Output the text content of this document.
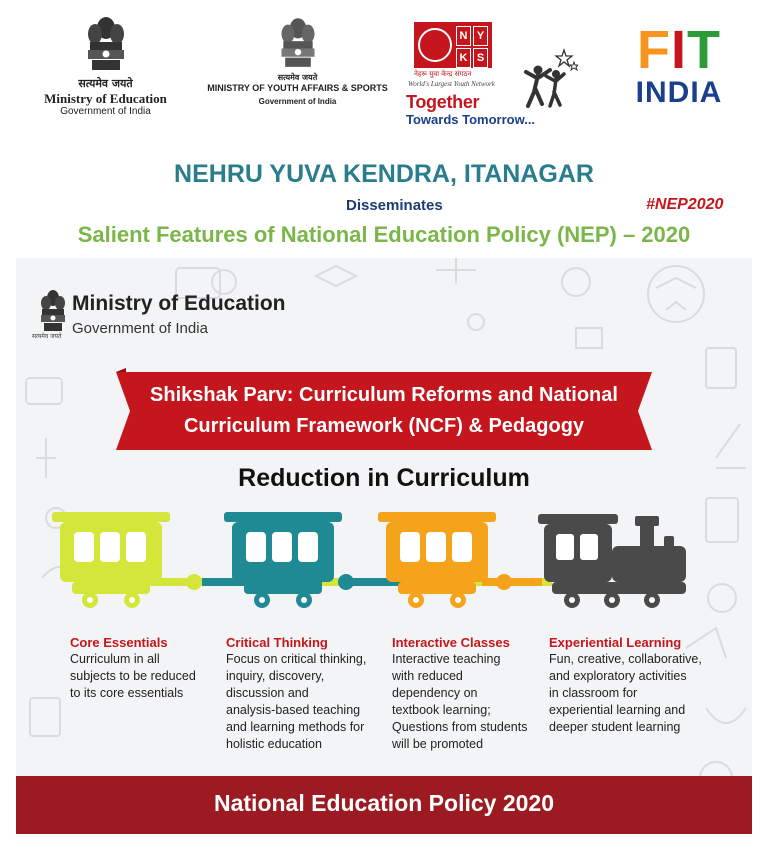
सत्यमेव जयते
Ministry of Education
Government of India
सत्यमेव जयते
MINISTRY OF YOUTH AFFAIRS & SPORTS
Government of India
N Y
K S
नेहरू युवा केन्द्र संगठन
World's Largest Youth Network
Together
Towards Tomorrow...
FIT
INDIA
NEHRU YUVA KENDRA, ITANAGAR
Disseminates	#NEP2020
Salient Features of National Education Policy (NEP) – 2020
सत्यमेव जयते
Ministry of Education
Government of India
Shikshak Parv: Curriculum Reforms and National
Curriculum Framework (NCF) & Pedagogy
Reduction in Curriculum
Core Essentials
Curriculum in all
subjects to be reduced
to its core essentials
Critical Thinking
Focus on critical thinking,
inquiry, discovery,
discussion and
analysis-based teaching
and learning methods for
holistic education
Interactive Classes
Interactive teaching
with reduced
dependency on
textbook learning;
Questions from students
will be promoted
Experiential Learning
Fun, creative, collaborative,
and exploratory activities
in classroom for
experiential learning and
deeper student learning
National Education Policy 2020
